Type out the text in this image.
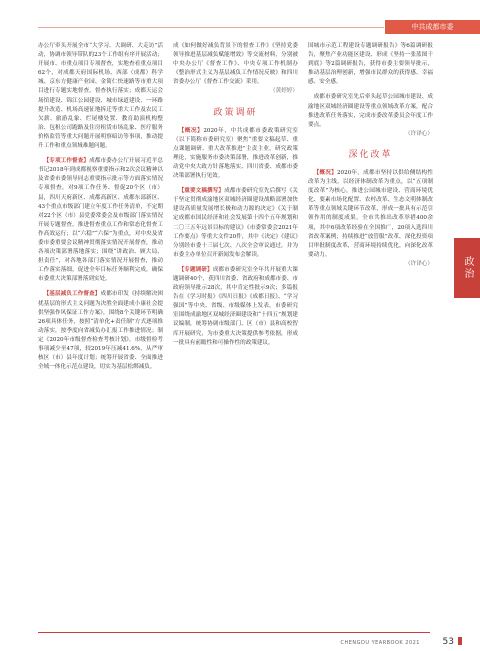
中共成都市委

办公厅牵头开展全市“大学习、大调研、大走访”活动，协调市领导带队的23个工作组有序开展活动；开展市、市重点项目专项督查，实地查看重点项目62个，对成都天府国际机场、西部（成都）科学城、京东方健康产业园、金简仁快速路等市重大项目进行专题实地督查，督查执行落实；成都天运会场馆建设、锦江公园建设、城市绿道建设、一环路提升改造、机场高速征地拆迁等重大工作及农民工欠薪、旅游乱象、烂尾楼处置、教育助演机构整治、包租公司跑路及住房租赁市场乱象、医疗服务价格监管等重大问题开展明察暗访等事项，推动提升工作和重点领域难题问题。

【专项工作督查】成都市委办公厅开展习近平总书记2018年到成都视察重要指示和2次会议精神以及省委市委领导同志重要指示批示等方面落实情况专项督查，对9项工作任务、督促20个区（市）县，四川天府新区、成都高新区、成都东部新区、43个重点市级部门建立年度工作任务清单，不定期对22个区（市）县党委常委会及市级部门落实情况开展专题督查，推进督查重点工作和常态化督查工作高效运行；以“六稳”“六保”为重点，对中央及省委市委重要会议精神贯彻落实情况开展督查，推动各项决策部署落地落实；围绕“讲政治、顾大局、担责任”，对各地各部门落实情况开展督查，推动工作落实落细，促进全年目标任务顺利完成，确保市委重大决策部署落到实处。

【基层减负工作督查】成都市印发《持续解决困扰基层的形式主义问题为决胜全面建成小康社会提供坚强作风保证工作方案》，围绕8个关键环节明确26项具体任务，按照“清单化+责任制”方式逐项推动落实，按季度向省减负办汇报工作推进情况；制定《2020年市级督查检查考核计划》，市级督检考事项减少至47项，较2019年压减41.6%，从严审核区（市）县年度计划；统筹开展省委、全面推进全域一体化示范点建设，切实为基层松绑减负。

成《如何做好减负背景下的督查工作》《坚持党委领导推进基层减负赋能增效》等交流材料，分别被中央办公厅《督查工作》、中央专项工作机制办《整治形式主义为基层减负工作情况反映》和四川省委办公厅《督查工作交流》采用。

（黄婷婷）
政策调研

【概况】2020年，中共成都市委政策研究室（以下简称市委研究室）聚焦“重要文稿起草、重点课题调研、重大改革推进”主责主业，研究政策理论，实施服务市委决策部署，推进改革创新，推动党中央大政方针落地落实、四川省委、成都市委决策部署执行见效。

【重要文稿撰写】成都市委研究室先后撰写《关于坚定贯彻成渝地区双城经济圈建设战略部署加快建设高质量发展增长极和动力源的决定》《关于制定成都市国民经济和社会发展第十四个五年规划和二〇三五年远景目标的建议》《市委常委会2021年工作要点》等重大文件20件，其中《决定》《建议》分别经市委十三届七次、八次全会审议通过，并为市委主办单位召开新闻发布会解读。

【专题调研】成都市委研究室全年共开展重大课题调研40个，获四川省委、省政府和成都市委、市政府领导批示28次，其中肯定性批示9次；多篇报告在《学习时报》《四川日报》《成都日报》、“学习强国”等中央、省级、市级媒体上发表。市委研究室围绕成渝地区双城经济圈建设和“十四五”规划建议编制，统筹协调市级部门、区（市）县和高校智库开展研究，为市委重大决策提供参考依据，形成一批具有前瞻性和可操作性的政策建议。

国城市示范工程建设专题调研报告》等6篇调研报告，聚焦产业功能区建设、形成《坚持一张蓝图干到底》等2篇调研报告，获得市委主要领导批示，推动基层治理创新，增强市民群众的获得感、幸福感、安全感。

成都市委研究室先后牵头起草公园城市建设、成渝地区双城经济圈建设等重点领域改革方案，配合推进改革任务落实，完成市委改革委员会年度工作要点。

（许译心）
深化改革

【概况】2020年，成都市坚持以供给侧结构性改革为主线，以经济体制改革为重点，以“五项制度改革”为核心，推进公园城市建设、营商环境优化、要素市场化配置、农村改革、生态文明体制改革等重点领域关键环节改革，形成一批具有示范引领作用的制度成果，全市共推出改革举措400余项，其中6项改革经验在全国推广，20项入选四川省改革案例；持续推进“放管服”改革，深化投资项目审批制度改革，营商环境持续优化，向深化改革要动力。

（许译心）	政治
CHENGDU YEARBOOK 2021	53
